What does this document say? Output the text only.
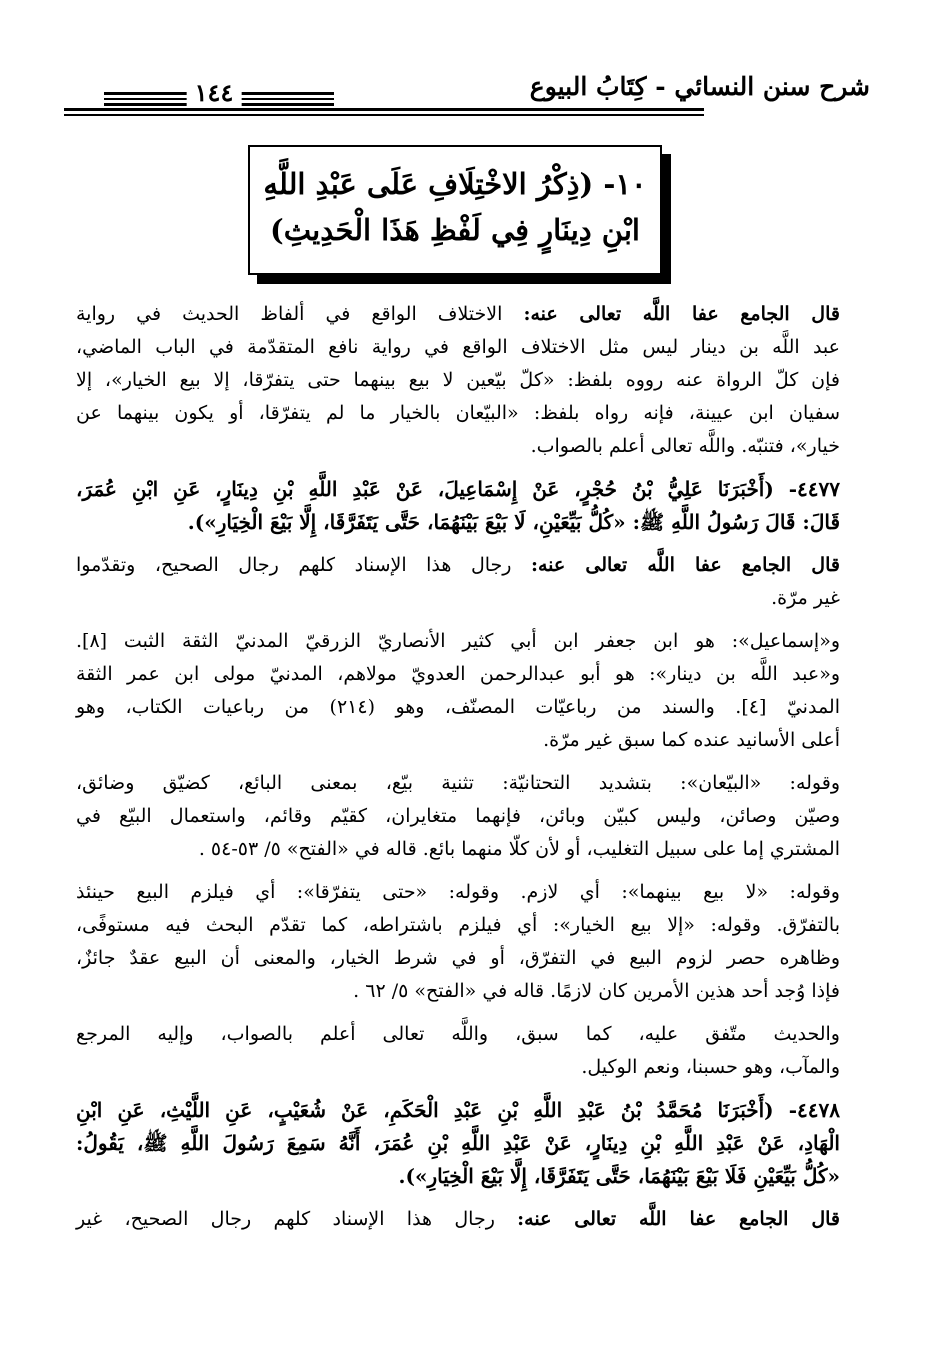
شرح سنن النسائي - كِتَابُ البيوع
١٤٤
١٠- (ذِكْرُ الاخْتِلَافِ عَلَى عَبْدِ اللَّهِ
ابْنِ دِينَارٍ فِي لَفْظِ هَذَا الْحَدِيثِ)
قال الجامع عفا اللَّه تعالى عنه: الاختلاف الواقع في ألفاظ الحديث في رواية
عبد اللَّه بن دينار ليس مثل الاختلاف الواقع في رواية نافع المتقدّمة في الباب الماضي،
فإن كلّ الرواة عنه رووه بلفظ: «كلّ بيّعين لا بيع بينهما حتى يتفرّقا، إلا بيع الخيار»، إلا
سفيان ابن عيينة، فإنه رواه بلفظ: «البيّعان بالخيار ما لم يتفرّقا، أو يكون بينهما عن
خيار»، فتنبّه. واللَّه تعالى أعلم بالصواب.
٤٤٧٧- (أَخْبَرَنَا عَلِيُّ بْنُ حُجْرٍ، عَنْ إِسْمَاعِيلَ، عَنْ عَبْدِ اللَّهِ بْنِ دِينَارٍ، عَنِ ابْنِ عُمَرَ،
قَالَ: قَالَ رَسُولُ اللَّهِ ﷺ: «كُلُّ بَيِّعَيْنِ، لَا بَيْعَ بَيْنَهُمَا، حَتَّى يَتَفَرَّقَا، إِلَّا بَيْعَ الْخِيَارِ»).
قال الجامع عفا اللَّه تعالى عنه: رجال هذا الإسناد كلهم رجال الصحيح، وتقدّموا
غير مرّة.
و«إسماعيل»: هو ابن جعفر ابن أبي كثير الأنصاريّ الزرقيّ المدنيّ الثقة الثبت [٨].
و«عبد اللَّه بن دينار»: هو أبو عبدالرحمن العدويّ مولاهم، المدنيّ مولى ابن عمر الثقة
المدنيّ [٤]. والسند من رباعيّات المصنّف، وهو (٢١٤) من رباعيات الكتاب، وهو
أعلى الأسانيد عنده كما سبق غير مرّة.
وقوله: «البيّعان»: بتشديد التحتانيّة: تثنية بيّع، بمعنى البائع، كضيّق وضائق،
وصيّن وصائن، وليس كبيّن وبائن، فإنهما متغايران، كقيّم وقائم، واستعمال البيّع في
المشتري إما على سبيل التغليب، أو لأن كلّا منهما بائع. قاله في «الفتح» ٥/ ٥٣-٥٤ .
وقوله: «لا بيع بينهما»: أي لازم. وقوله: «حتى يتفرّقا»: أي فيلزم البيع حينئذ
بالتفرّق. وقوله: «إلا بيع الخيار»: أي فيلزم باشتراطه، كما تقدّم البحث فيه مستوفًى،
وظاهره حصر لزوم البيع في التفرّق، أو في شرط الخيار، والمعنى أن البيع عقدٌ جائزٌ،
فإذا وُجد أحد هذين الأمرين كان لازمًا. قاله في «الفتح» ٥/ ٦٢ .
والحديث متّفق عليه، كما سبق، واللَّه تعالى أعلم بالصواب، وإليه المرجع
والمآب، وهو حسبنا، ونعم الوكيل.
٤٤٧٨- (أَخْبَرَنَا مُحَمَّدُ بْنُ عَبْدِ اللَّهِ بْنِ عَبْدِ الْحَكَمِ، عَنْ شُعَيْبٍ، عَنِ اللَّيْثِ، عَنِ ابْنِ
الْهَادِ، عَنْ عَبْدِ اللَّهِ بْنِ دِينَارٍ، عَنْ عَبْدِ اللَّهِ بْنِ عُمَرَ، أَنَّهُ سَمِعَ رَسُولَ اللَّهِ ﷺ، يَقُولُ:
«كُلُّ بَيِّعَيْنِ فَلَا بَيْعَ بَيْنَهُمَا، حَتَّى يَتَفَرَّقَا، إِلَّا بَيْعَ الْخِيَارِ»).
قال الجامع عفا اللَّه تعالى عنه: رجال هذا الإسناد كلهم رجال الصحيح، غير
